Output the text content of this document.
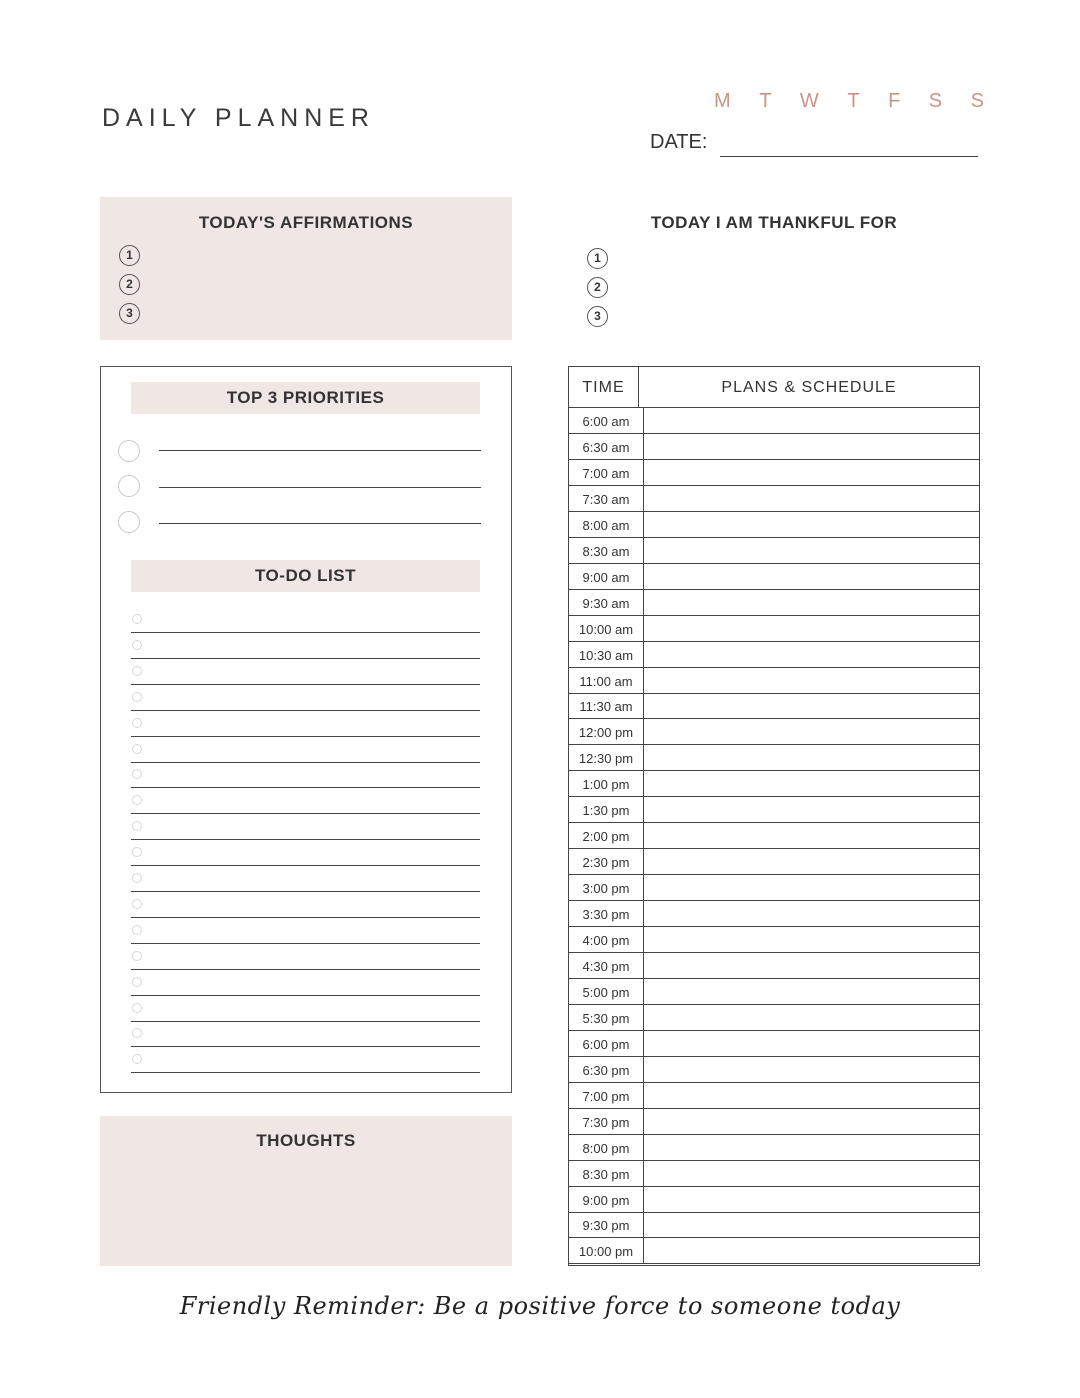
DAILY PLANNER
M T W T F S S
DATE:
TODAY'S AFFIRMATIONS
1
2
3
TODAY I AM THANKFUL FOR
1
2
3
TOP 3 PRIORITIES
TO-DO LIST
THOUGHTS
TIME	PLANS & SCHEDULE
6:00 am
6:30 am
7:00 am
7:30 am
8:00 am
8:30 am
9:00 am
9:30 am
10:00 am
10:30 am
11:00 am
11:30 am
12:00 pm
12:30 pm
1:00 pm
1:30 pm
2:00 pm
2:30 pm
3:00 pm
3:30 pm
4:00 pm
4:30 pm
5:00 pm
5:30 pm
6:00 pm
6:30 pm
7:00 pm
7:30 pm
8:00 pm
8:30 pm
9:00 pm
9:30 pm
10:00 pm
Friendly Reminder: Be a positive force to someone today
